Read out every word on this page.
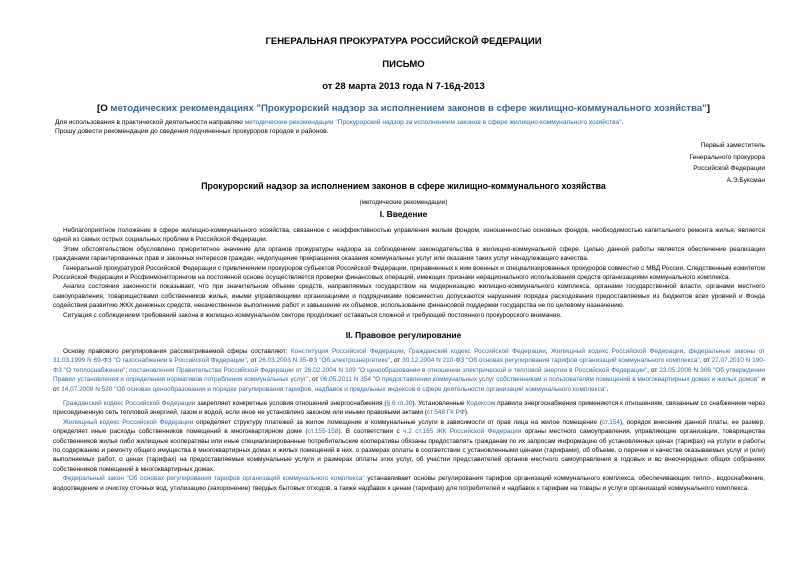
ГЕНЕРАЛЬНАЯ ПРОКУРАТУРА РОССИЙСКОЙ ФЕДЕРАЦИИ
ПИСЬМО
от 28 марта 2013 года N 7-16д-2013
[О методических рекомендациях "Прокурорский надзор за исполнением законов в сфере жилищно-коммунального хозяйства"]
Для использования в практической деятельности направляю методические рекомендации "Прокурорский надзор за исполнением законов в сфере жилищно-коммунального хозяйства".
Прошу довести рекомендации до сведения подчиненных прокуроров городов и районов.
Первый заместитель
Генерального прокурора
Российской Федерации
А.Э.Буксман
Прокурорский надзор за исполнением законов в сфере жилищно-коммунального хозяйства
(методические рекомендации)
I. Введение

Неблагоприятное положение в сфере жилищно-коммунального хозяйства, связанное с неэффективностью управления жилым фондом, изношенностью основных фондов, необходимостью капитального ремонта жилья, является одной из самых острых социальных проблем в Российской Федерации.

Этим обстоятельством обусловлено приоритетное значение для органов прокуратуры надзора за соблюдением законодательства в жилищно-коммунальной сфере. Целью данной работы является обеспечение реализации гражданами гарантированных прав и законных интересов граждан, недопущение прекращения оказания коммунальных услуг или оказания таких услуг ненадлежащего качества.

Генеральной прокуратурой Российской Федерации с привлечением прокуроров субъектов Российской Федерации, приравненных к ним военных и специализированных прокуроров совместно с МВД России, Следственным комитетом Российской Федерации и Росфинмониторингом на постоянной основе осуществляется проверки финансовых операций, имеющих признаки нерационального использования средств организациями коммунального комплекса.

Анализ состояния законности показывает, что при значительном объеме средств, направляемых государством на модернизацию жилищно-коммунального комплекса, органами государственной власти, органами местного самоуправления, товариществами собственников жилья, иными управляющими организациями и подрядчиками повсеместно допускаются нарушения порядка расходования предоставляемых из бюджетов всех уровней и Фонда содействия развитию ЖКХ денежных средств, некачественное выполнение работ и завышение их объемов, использование финансовой поддержки государства не по целевому назначению.

Ситуация с соблюдением требований закона в жилищно-коммунальном секторе продолжает оставаться сложной и требующей постоянного прокурорского внимания.

II. Правовое регулирование

Основу правового регулирования рассматриваемой сферы составляют: Конституция Российской Федерации, Гражданский кодекс Российской Федерации, Жилищный кодекс Российской Федерации, федеральные законы от 31.03.1999 N 69-ФЗ "О газоснабжении в Российской Федерации", от 26.03.2003 N 35-ФЗ "Об электроэнергетике", от 30.12.2004 N 210-ФЗ "Об основах регулирования тарифов организаций коммунального комплекса", от 27.07.2010 N 190-ФЗ "О теплоснабжении"; постановления Правительства Российской Федерации от 26.02.2004 N 109 "О ценообразовании в отношении электрической и тепловой энергии в Российской Федерации", от 23.05.2006 N 306 "Об утверждении Правил установления и определения нормативов потребления коммунальных услуг", от 06.05.2011 N 354 "О предоставлении коммунальных услуг собственникам и пользователям помещений в многоквартирных домах и жилых домов" и от 14.07.2008 N 520 "Об основах ценообразования и порядке регулирования тарифов, надбавок и предельных индексов в сфере деятельности организаций коммунального комплекса".

Гражданский кодекс Российской Федерации закрепляет конкретные условия отношений энергоснабжения (§ 6 гл.30). Установленные Кодексом правила энергоснабжения применяются к отношениям, связанным со снабжением через присоединенную сеть тепловой энергией, газом и водой, если иное не установлено законом или иными правовыми актами (ст.548 ГК РФ).

Жилищный кодекс Российской Федерации определяет структуру платежей за жилое помещение и коммунальные услуги в зависимости от прав лица на жилое помещение (ст.154), порядок внесения данной платы, ее размер, определяет иные расходы собственников помещений в многоквартирном доме (ст.155-158). В соответствии с ч.2 ст.165 ЖК Российской Федерации органы местного самоуправления, управляющие организации, товарищества собственников жилья либо жилищные кооперативы или иные специализированные потребительские кооперативы обязаны предоставлять гражданам по их запросам информацию об установленных ценах (тарифах) на услуги и работы по содержанию и ремонту общего имущества в многоквартирных домах и жилых помещений в них, о размерах оплаты в соответствии с установленными ценами (тарифами), об объеме, о перечне и качестве оказываемых услуг и (или) выполняемых работ, о ценах (тарифах) на предоставляемые коммунальные услуги и размерах оплаты этих услуг, об участии представителей органов местного самоуправления в годовых и во внеочередных общих собраниях собственников помещений в многоквартирных домах.

Федеральный закон "Об основах регулирования тарифов организаций коммунального комплекса" устанавливает основы регулирования тарифов организаций коммунального комплекса, обеспечивающих тепло-, водоснабжение, водоотведение и очистку сточных вод, утилизацию (захоронение) твердых бытовых отходов, а также надбавок к ценам (тарифам) для потребителей и надбавок к тарифам на товары и услуги организаций коммунального комплекса.
